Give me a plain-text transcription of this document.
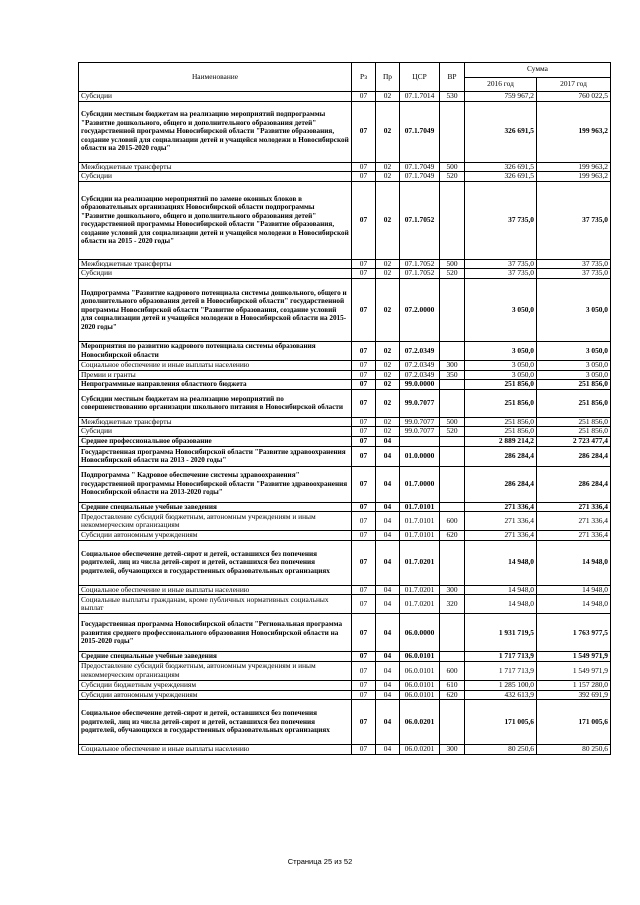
Наименование	Рз	Пр	ЦСР	ВР	Сумма	
					2016 год	2017 год
Субсидии	07	02	07.1.7014	530	759 967,2	760 022,5
Субсидии местным бюджетам на реализацию мероприятий подпрограммы "Развитие дошкольного, общего и дополнительного образования детей" государственной программы Новосибирской области "Развитие образования, создание условий для социализации детей и учащейся молодежи в Новосибирской области на 2015-2020 годы"	07	02	07.1.7049		326 691,5	199 963,2
Межбюджетные трансферты	07	02	07.1.7049	500	326 691,5	199 963,2
Субсидии	07	02	07.1.7049	520	326 691,5	199 963,2
Субсидии на реализацию мероприятий по замене оконных блоков в образовательных организациях Новосибирской области подпрограммы "Развитие дошкольного, общего и дополнительного образования детей" государственной программы Новосибирской области "Развитие образования, создание условий для социализации детей и учащейся молодежи в Новосибирской области на 2015 - 2020 годы"	07	02	07.1.7052		37 735,0	37 735,0
Межбюджетные трансферты	07	02	07.1.7052	500	37 735,0	37 735,0
Субсидии	07	02	07.1.7052	520	37 735,0	37 735,0
Подпрограмма "Развитие кадрового потенциала системы дошкольного, общего и дополнительного образования детей в Новосибирской области" государственной программы Новосибирской области "Развитие образования, создание условий для социализации детей и учащейся молодежи в Новосибирской области на 2015-2020 годы"	07	02	07.2.0000		3 050,0	3 050,0
Мероприятия по развитию кадрового потенциала системы образования Новосибирской области	07	02	07.2.0349		3 050,0	3 050,0
Социальное обеспечение и иные выплаты населению	07	02	07.2.0349	300	3 050,0	3 050,0
Премии и гранты	07	02	07.2.0349	350	3 050,0	3 050,0
Непрограммные направления областного бюджета	07	02	99.0.0000		251 856,0	251 856,0
Субсидии местным бюджетам на реализацию мероприятий по совершенствованию организации школьного питания в Новосибирской области	07	02	99.0.7077		251 856,0	251 856,0
Межбюджетные трансферты	07	02	99.0.7077	500	251 856,0	251 856,0
Субсидии	07	02	99.0.7077	520	251 856,0	251 856,0
Среднее профессиональное образование	07	04			2 889 214,2	2 723 477,4
Государственная программа Новосибирской области "Развитие здравоохранения Новосибирской области на 2013 - 2020 годы"	07	04	01.0.0000		286 284,4	286 284,4
Подпрограмма " Кадровое обеспечение системы здравоохранения" государственной программы Новосибирской области "Развитие здравоохранения Новосибирской области на 2013-2020 годы"	07	04	01.7.0000		286 284,4	286 284,4
Средние специальные учебные заведения	07	04	01.7.0101		271 336,4	271 336,4
Предоставление субсидий бюджетным, автономным учреждениям и иным некоммерческим организациям	07	04	01.7.0101	600	271 336,4	271 336,4
Субсидии автономным учреждениям	07	04	01.7.0101	620	271 336,4	271 336,4
Социальное обеспечение детей-сирот и детей, оставшихся без попечения родителей, лиц из числа детей-сирот и детей, оставшихся без попечения родителей, обучающихся в государственных образовательных организациях	07	04	01.7.0201		14 948,0	14 948,0
Социальное обеспечение и иные выплаты населению	07	04	01.7.0201	300	14 948,0	14 948,0
Социальные выплаты гражданам, кроме публичных нормативных социальных выплат	07	04	01.7.0201	320	14 948,0	14 948,0
Государственная программа Новосибирской области "Региональная программа развития среднего профессионального образования Новосибирской области на 2015-2020 годы"	07	04	06.0.0000		1 931 719,5	1 763 977,5
Средние специальные учебные заведения	07	04	06.0.0101		1 717 713,9	1 549 971,9
Предоставление субсидий бюджетным, автономным учреждениям и иным некоммерческим организациям	07	04	06.0.0101	600	1 717 713,9	1 549 971,9
Субсидии бюджетным учреждениям	07	04	06.0.0101	610	1 285 100,0	1 157 280,0
Субсидии автономным учреждениям	07	04	06.0.0101	620	432 613,9	392 691,9
Социальное обеспечение детей-сирот и детей, оставшихся без попечения родителей, лиц из числа детей-сирот и детей, оставшихся без попечения родителей, обучающихся в государственных образовательных организациях	07	04	06.0.0201		171 005,6	171 005,6
Социальное обеспечение и иные выплаты населению	07	04	06.0.0201	300	80 250,6	80 250,6
Страница 25 из 52
